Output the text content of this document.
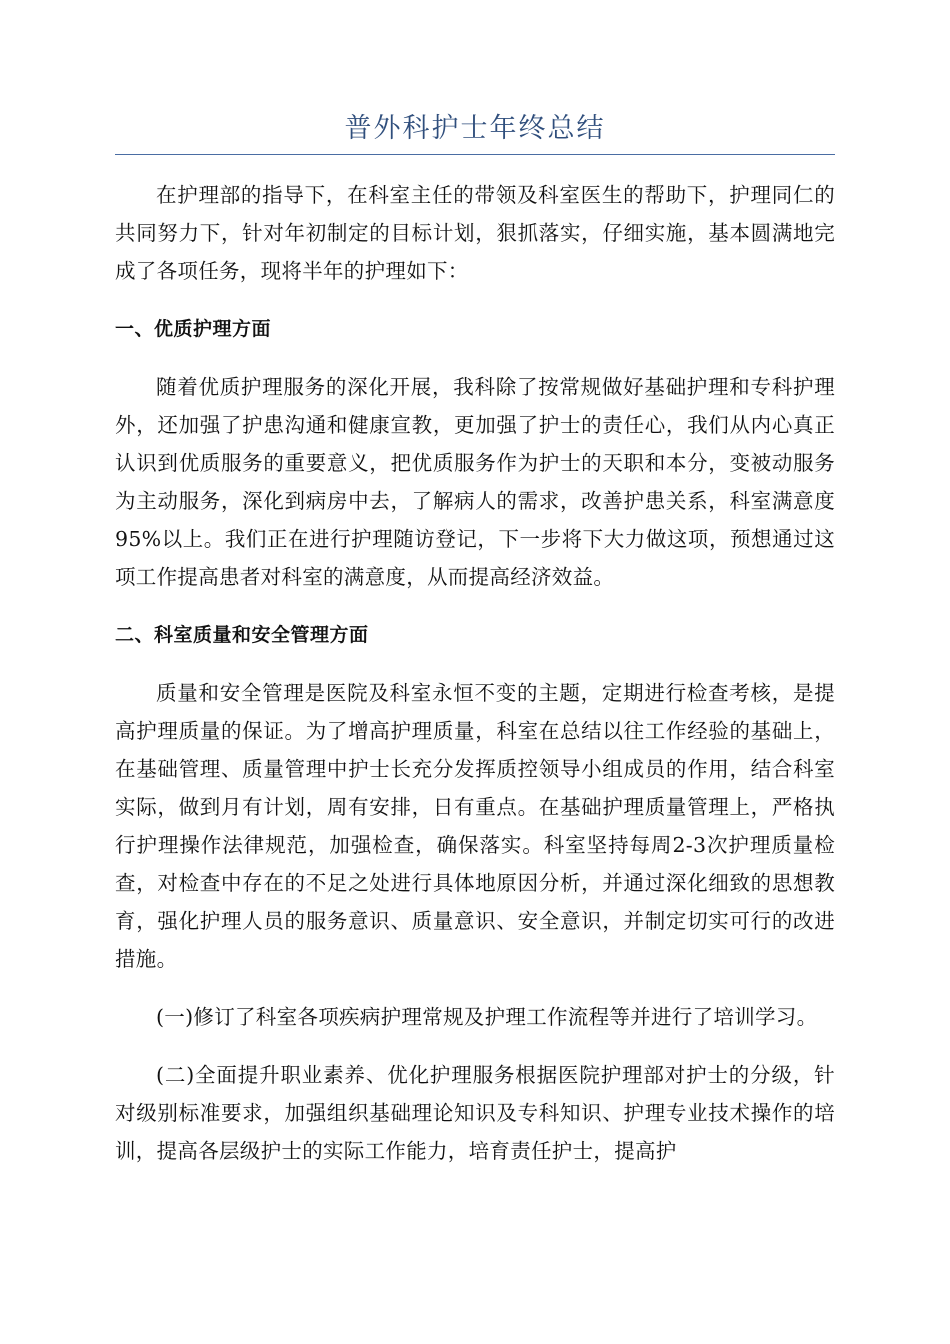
普外科护士年终总结

在护理部的指导下，在科室主任的带领及科室医生的帮助下，护理同仁的共同努力下，针对年初制定的目标计划，狠抓落实，仔细实施，基本圆满地完成了各项任务，现将半年的护理如下：

一、优质护理方面

随着优质护理服务的深化开展，我科除了按常规做好基础护理和专科护理外，还加强了护患沟通和健康宣教，更加强了护士的责任心，我们从内心真正认识到优质服务的重要意义，把优质服务作为护士的天职和本分，变被动服务为主动服务，深化到病房中去，了解病人的需求，改善护患关系，科室满意度95%以上。我们正在进行护理随访登记，下一步将下大力做这项，预想通过这项工作提高患者对科室的满意度，从而提高经济效益。

二、科室质量和安全管理方面

质量和安全管理是医院及科室永恒不变的主题，定期进行检查考核，是提高护理质量的保证。为了增高护理质量，科室在总结以往工作经验的基础上，在基础管理、质量管理中护士长充分发挥质控领导小组成员的作用，结合科室实际，做到月有计划，周有安排，日有重点。在基础护理质量管理上，严格执行护理操作法律规范，加强检查，确保落实。科室坚持每周2-3次护理质量检查，对检查中存在的不足之处进行具体地原因分析，并通过深化细致的思想教育，强化护理人员的服务意识、质量意识、安全意识，并制定切实可行的改进措施。

(一)修订了科室各项疾病护理常规及护理工作流程等并进行了培训学习。

(二)全面提升职业素养、优化护理服务根据医院护理部对护士的分级，针对级别标准要求，加强组织基础理论知识及专科知识、护理专业技术操作的培训，提高各层级护士的实际工作能力，培育责任护士，提高护
